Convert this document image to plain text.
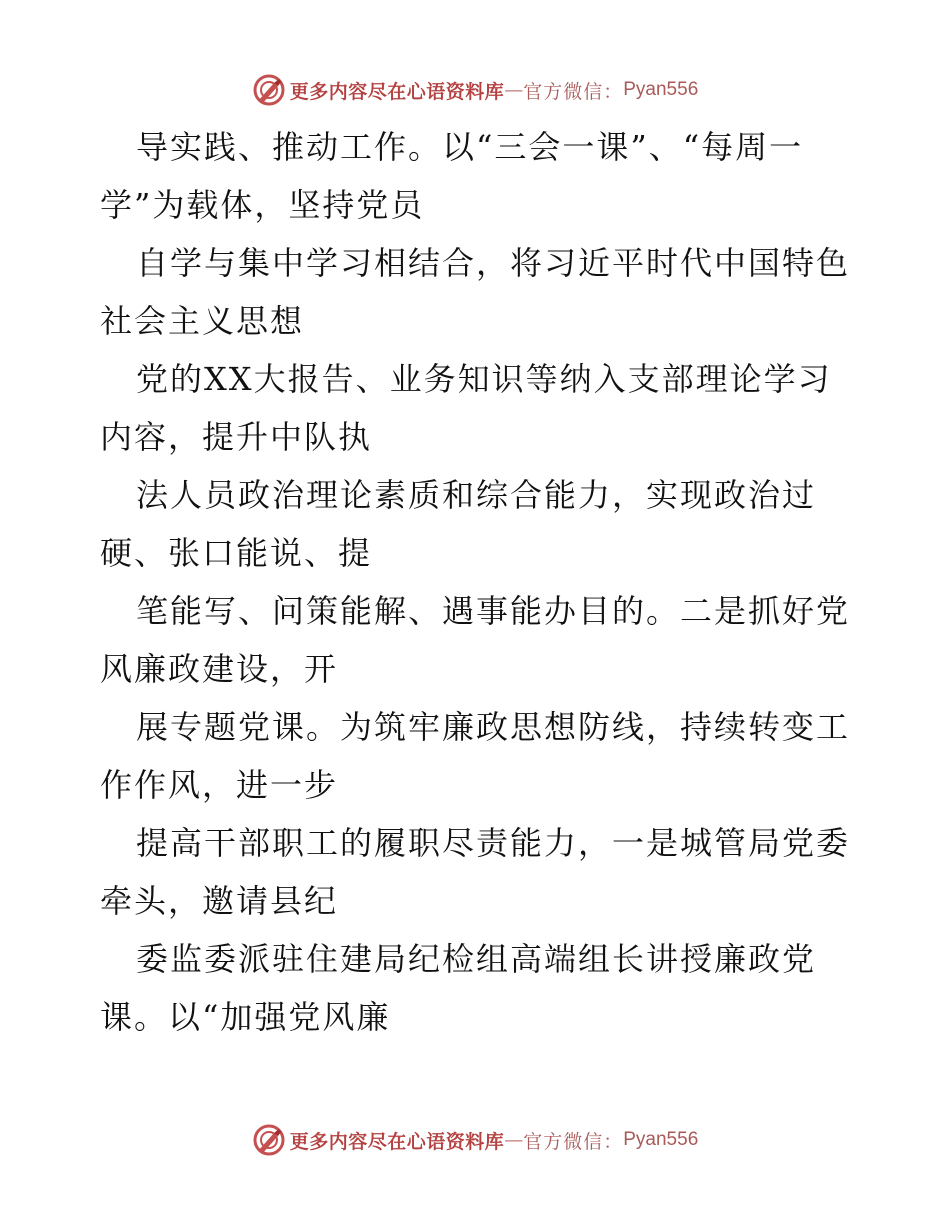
更多内容尽在心语资料库 — 官方微信： Pyan556
导实践、推动工作。以“三会一课”、“每周一
学”为载体，坚持党员
自学与集中学习相结合，将习近平时代中国特色
社会主义思想
党的XX大报告、业务知识等纳入支部理论学习
内容，提升中队执
法人员政治理论素质和综合能力，实现政治过
硬、张口能说、提
笔能写、问策能解、遇事能办目的。二是抓好党
风廉政建设，开
展专题党课。为筑牢廉政思想防线，持续转变工
作作风，进一步
提高干部职工的履职尽责能力，一是城管局党委
牵头，邀请县纪
委监委派驻住建局纪检组高端组长讲授廉政党
课。以“加强党风廉
更多内容尽在心语资料库 — 官方微信： Pyan556
